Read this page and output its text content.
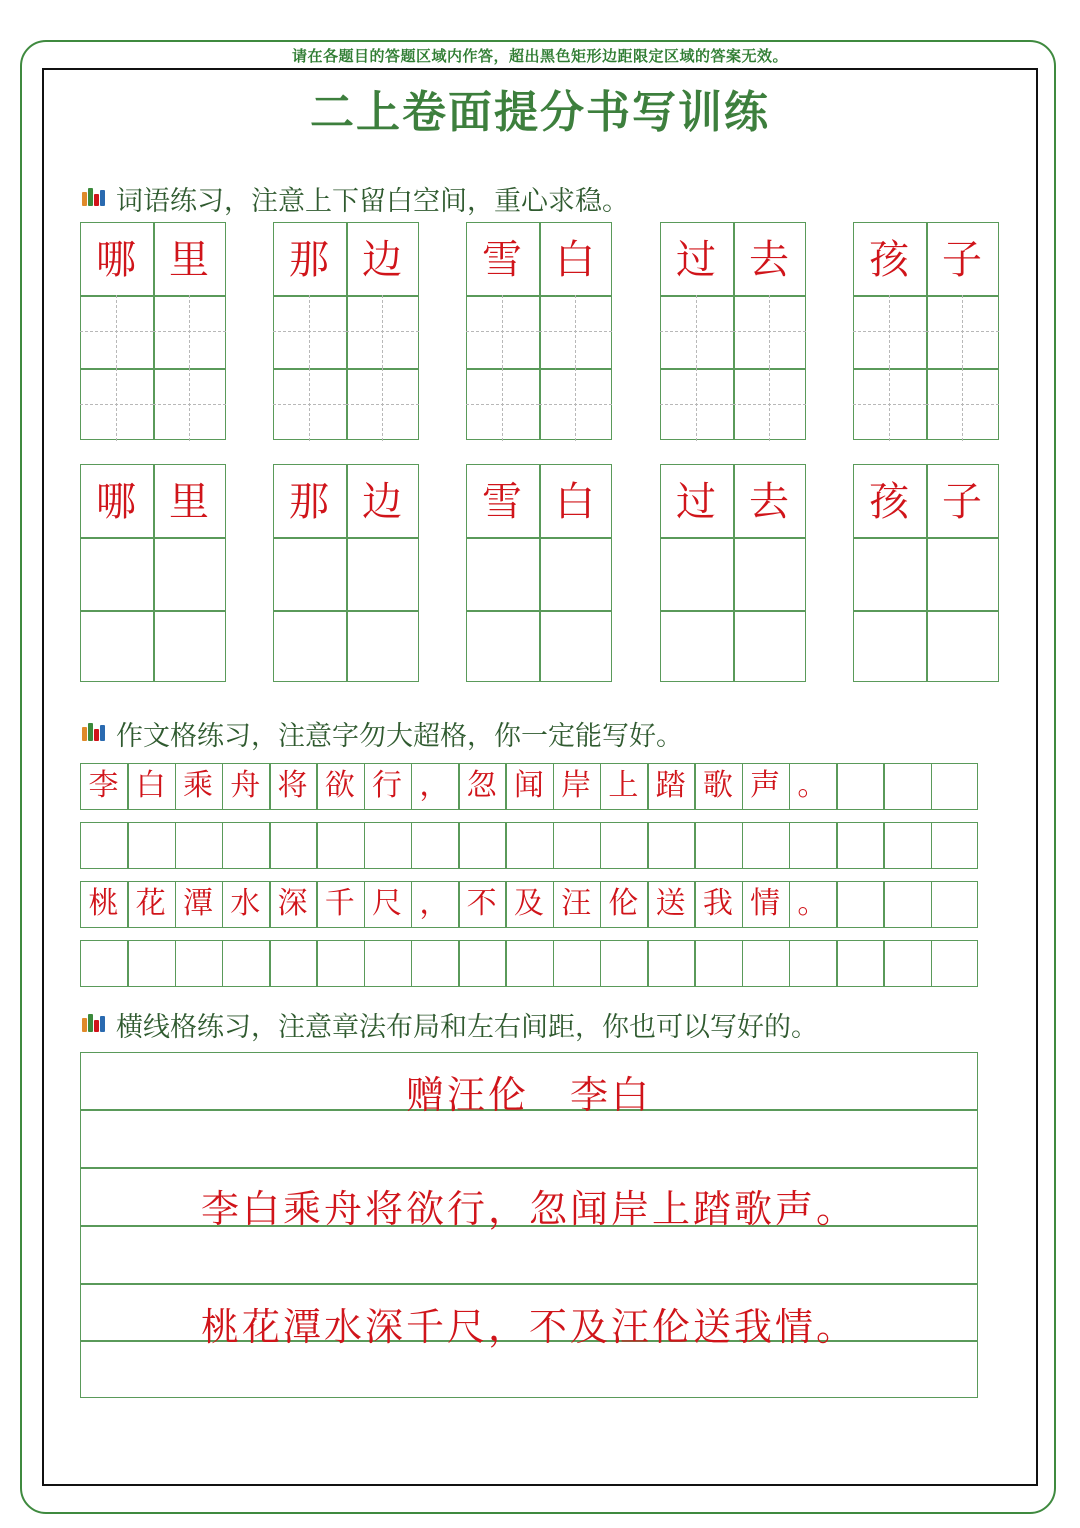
请在各题目的答题区域内作答，超出黑色矩形边距限定区域的答案无效。
二上卷面提分书写训练
词语练习，注意上下留白空间，重心求稳。
哪 里	那 边	雪 白	过 去	孩 子
哪 里	那 边	雪 白	过 去	孩 子
作文格练习，注意字勿大超格，你一定能写好。
李 白 乘 舟 将 欲 行 ， 忽 闻 岸 上 踏 歌 声 。
桃 花 潭 水 深 千 尺 ， 不 及 汪 伦 送 我 情 。
横线格练习，注意章法布局和左右间距，你也可以写好的。
赠汪伦　李白
李白乘舟将欲行，忽闻岸上踏歌声。
桃花潭水深千尺，不及汪伦送我情。
